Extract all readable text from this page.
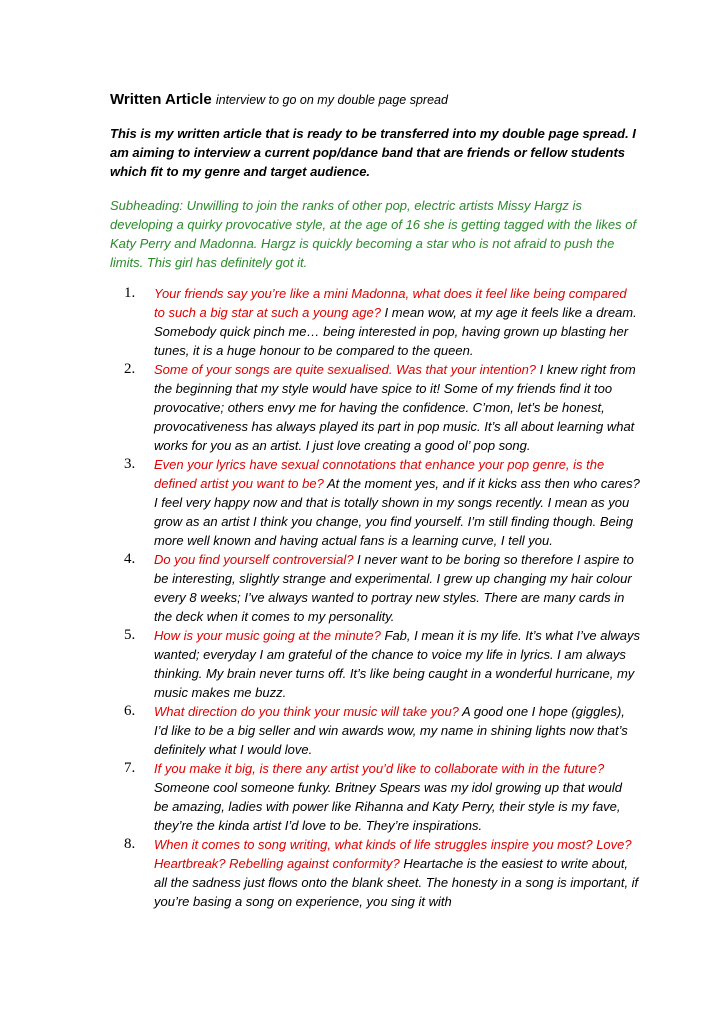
Written Article interview to go on my double page spread

This is my written article that is ready to be transferred into my double page spread. I am aiming to interview a current pop/dance band that are friends or fellow students which fit to my genre and target audience.

Subheading: Unwilling to join the ranks of other pop, electric artists Missy Hargz is developing a quirky provocative style, at the age of 16 she is getting tagged with the likes of Katy Perry and Madonna. Hargz is quickly becoming a star who is not afraid to push the limits. This girl has definitely got it.

1. Your friends say you’re like a mini Madonna, what does it feel like being compared to such a big star at such a young age? I mean wow, at my age it feels like a dream. Somebody quick pinch me… being interested in pop, having grown up blasting her tunes, it is a huge honour to be compared to the queen.
2. Some of your songs are quite sexualised. Was that your intention? I knew right from the beginning that my style would have spice to it! Some of my friends find it too provocative; others envy me for having the confidence. C’mon, let’s be honest, provocativeness has always played its part in pop music. It’s all about learning what works for you as an artist. I just love creating a good ol’ pop song.
3. Even your lyrics have sexual connotations that enhance your pop genre, is the defined artist you want to be? At the moment yes, and if it kicks ass then who cares? I feel very happy now and that is totally shown in my songs recently. I mean as you grow as an artist I think you change, you find yourself. I’m still finding though. Being more well known and having actual fans is a learning curve, I tell you.
4. Do you find yourself controversial? I never want to be boring so therefore I aspire to be interesting, slightly strange and experimental. I grew up changing my hair colour every 8 weeks; I’ve always wanted to portray new styles. There are many cards in the deck when it comes to my personality.
5. How is your music going at the minute? Fab, I mean it is my life. It’s what I’ve always wanted; everyday I am grateful of the chance to voice my life in lyrics. I am always thinking. My brain never turns off. It’s like being caught in a wonderful hurricane, my music makes me buzz.
6. What direction do you think your music will take you? A good one I hope (giggles), I’d like to be a big seller and win awards wow, my name in shining lights now that’s definitely what I would love.
7. If you make it big, is there any artist you’d like to collaborate with in the future? Someone cool someone funky. Britney Spears was my idol growing up that would be amazing, ladies with power like Rihanna and Katy Perry, their style is my fave, they’re the kinda artist I’d love to be. They’re inspirations.
8. When it comes to song writing, what kinds of life struggles inspire you most? Love? Heartbreak? Rebelling against conformity? Heartache is the easiest to write about, all the sadness just flows onto the blank sheet. The honesty in a song is important, if you’re basing a song on experience, you sing it with
